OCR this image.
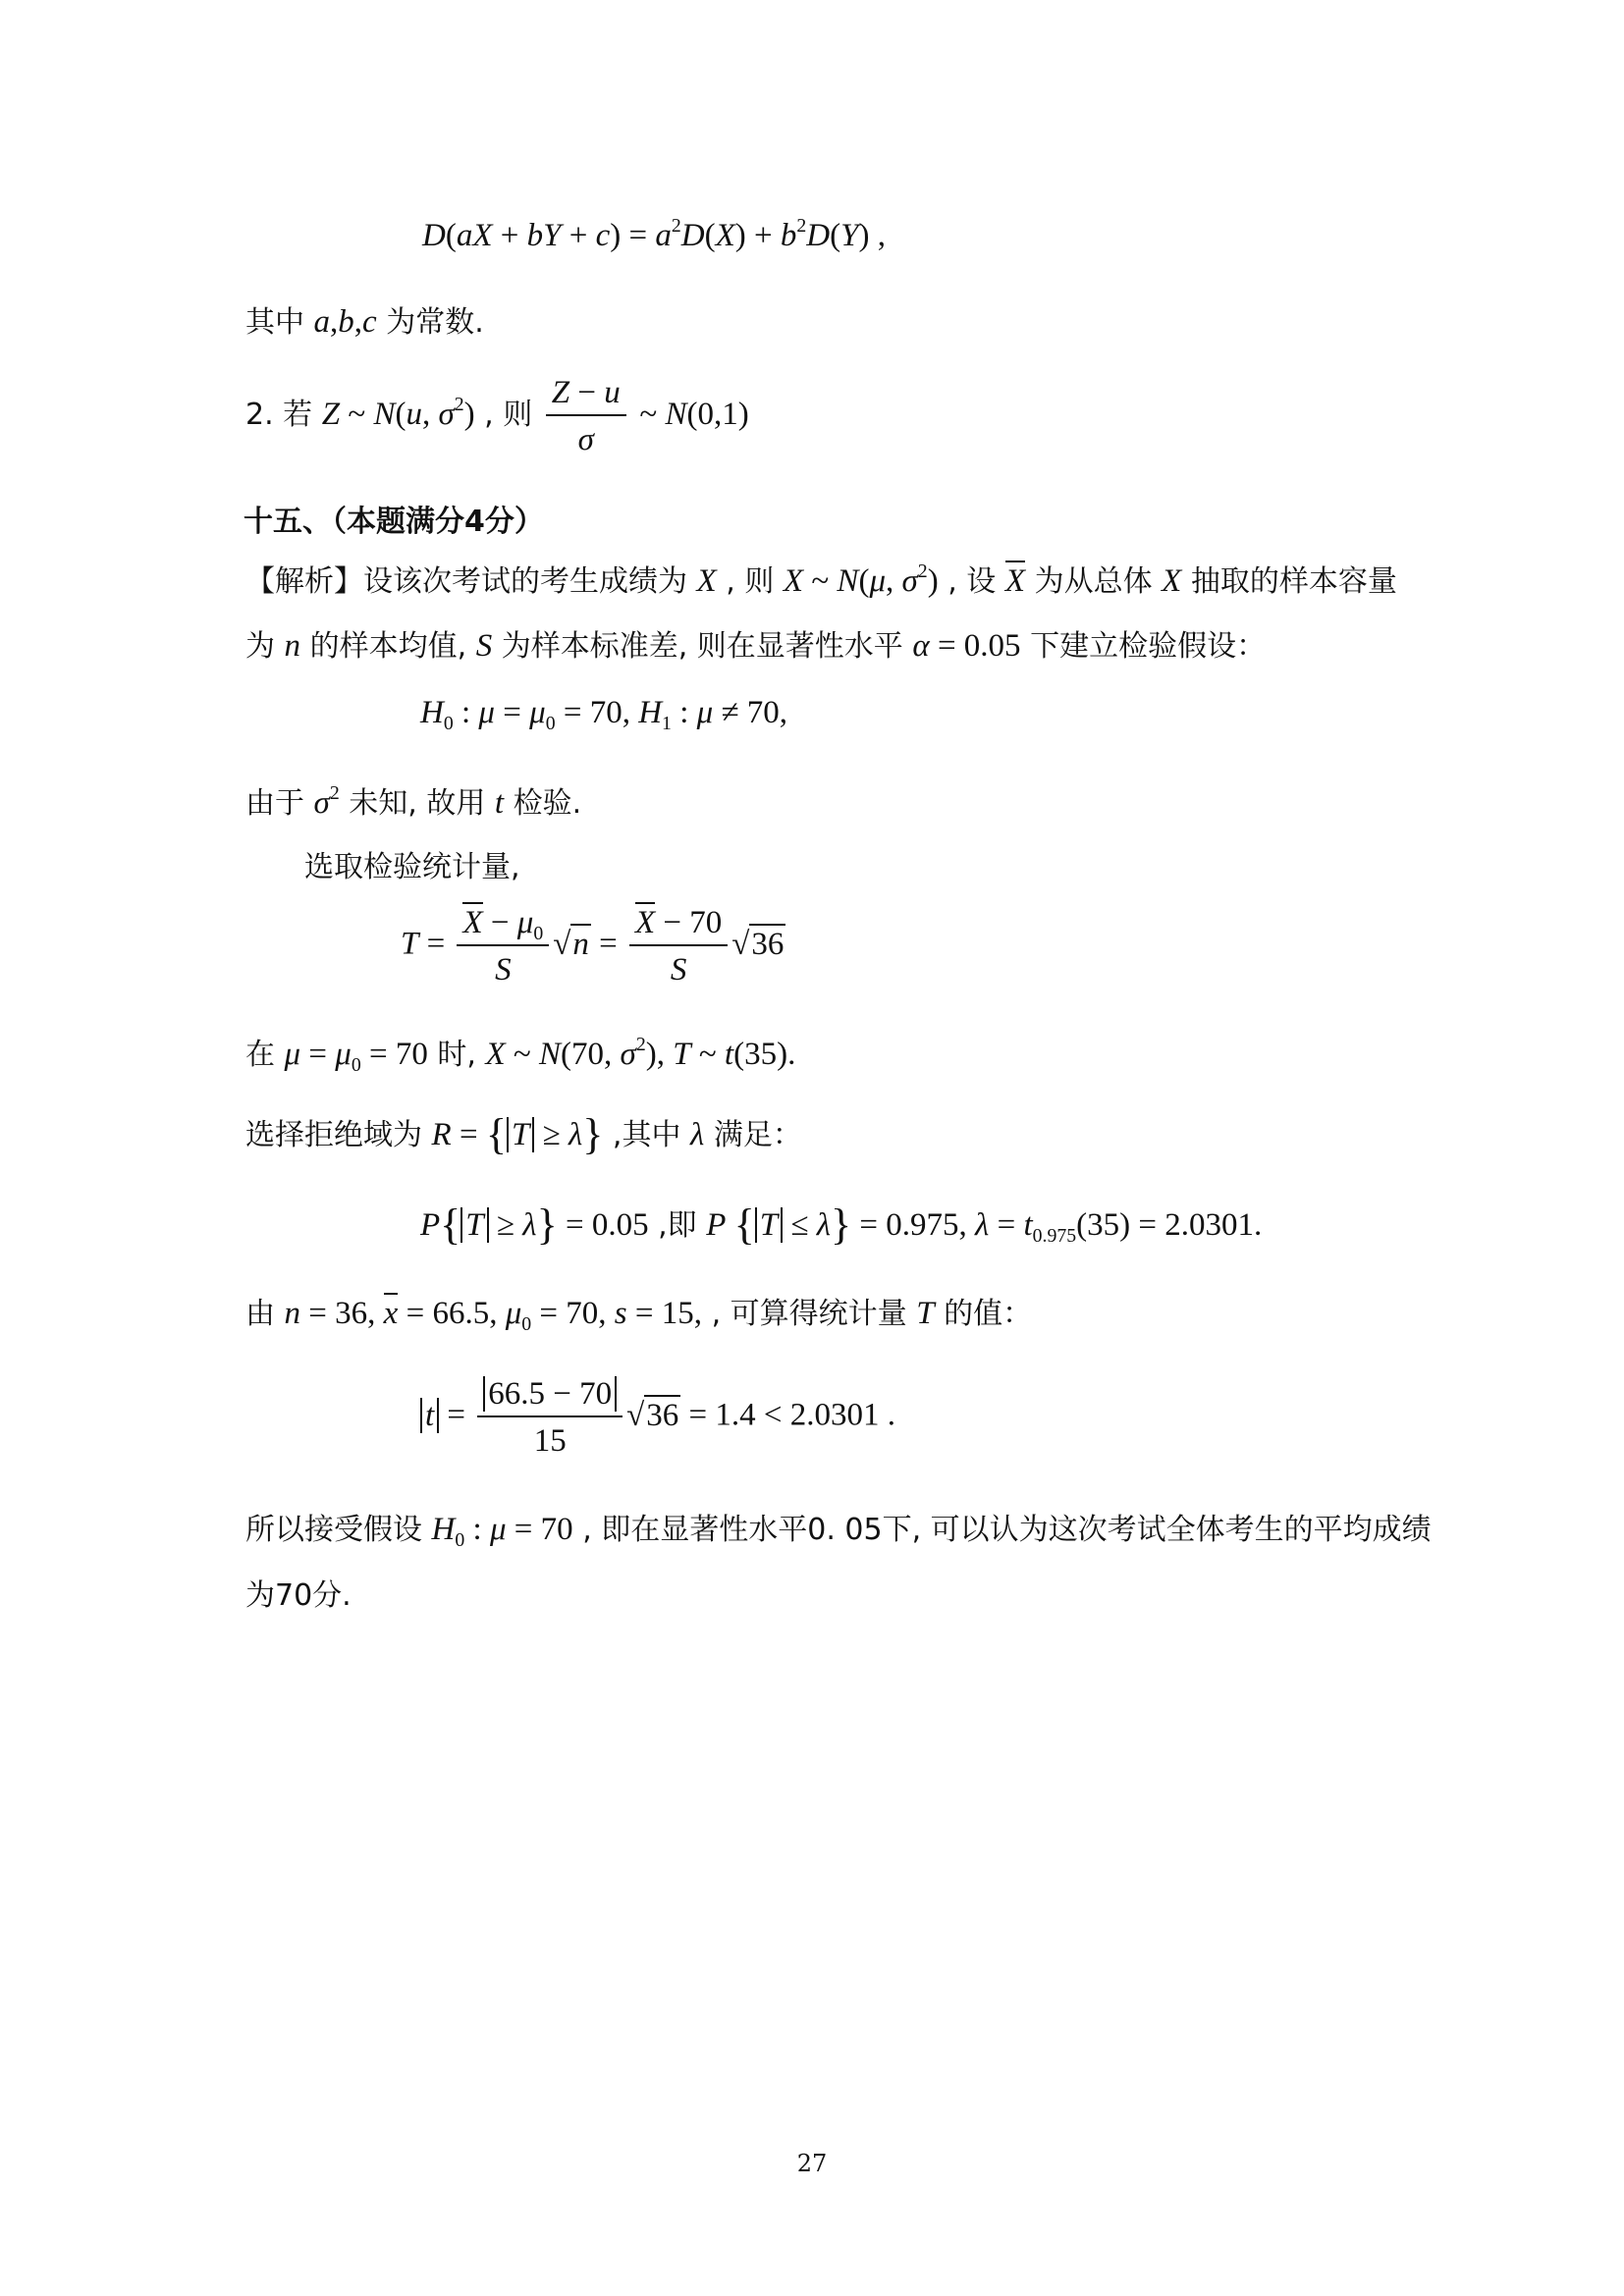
D(aX + bY + $c) = a^2D(X) + b^2D(Y)$ ,
其中 a,b,c 为常数.
2. 若 Z ~ N(u, $\sigma^2$) , 则 $\frac{Z - u}{\sigma}$ ~ N(0,1)
十五、（本题满分4分）
【解析】设该次考试的考生成绩为 X , 则 X ~ N(μ, $\sigma^2$) , 设 X 为从总体 X 抽取的样本容量
为 n 的样本均值, S 为样本标准差, 则在显著性水平 α = 0.05 下建立检验假设：
$H_0$ : $\mu = \mu_0 = 70$, $H_1$ : μ ≠ 70,
由于 $\sigma^2$ 未知, 故用 t 检验.
选取检验统计量,
$T = \frac{X - \mu_0}{S} √n = \frac{X - 70}{S} √36$
在 $\mu = \mu_0 = 70$ 时, X ~ N(70, $\sigma^2$), T ~ t(35).
选择拒绝域为 R = { T ≥ λ} ,其中 λ 满足：
P{ T ≥ λ} = 0.05 ,即 P { T ≤ λ} = 0.975, $\lambda = t_{0.975}(35) = 2.0301$.
由 n = 36, x = 66.5, $\mu_0 = 70$, s = 15, , 可算得统计量 T 的值：
$t = \frac{66.5 - 70}{15} √36 = 1.4 < 2.0301$ .
所以接受假设 $H_0$ : μ = 70 , 即在显著性水平0. 05下, 可以认为这次考试全体考生的平均成绩
为70分.
27
